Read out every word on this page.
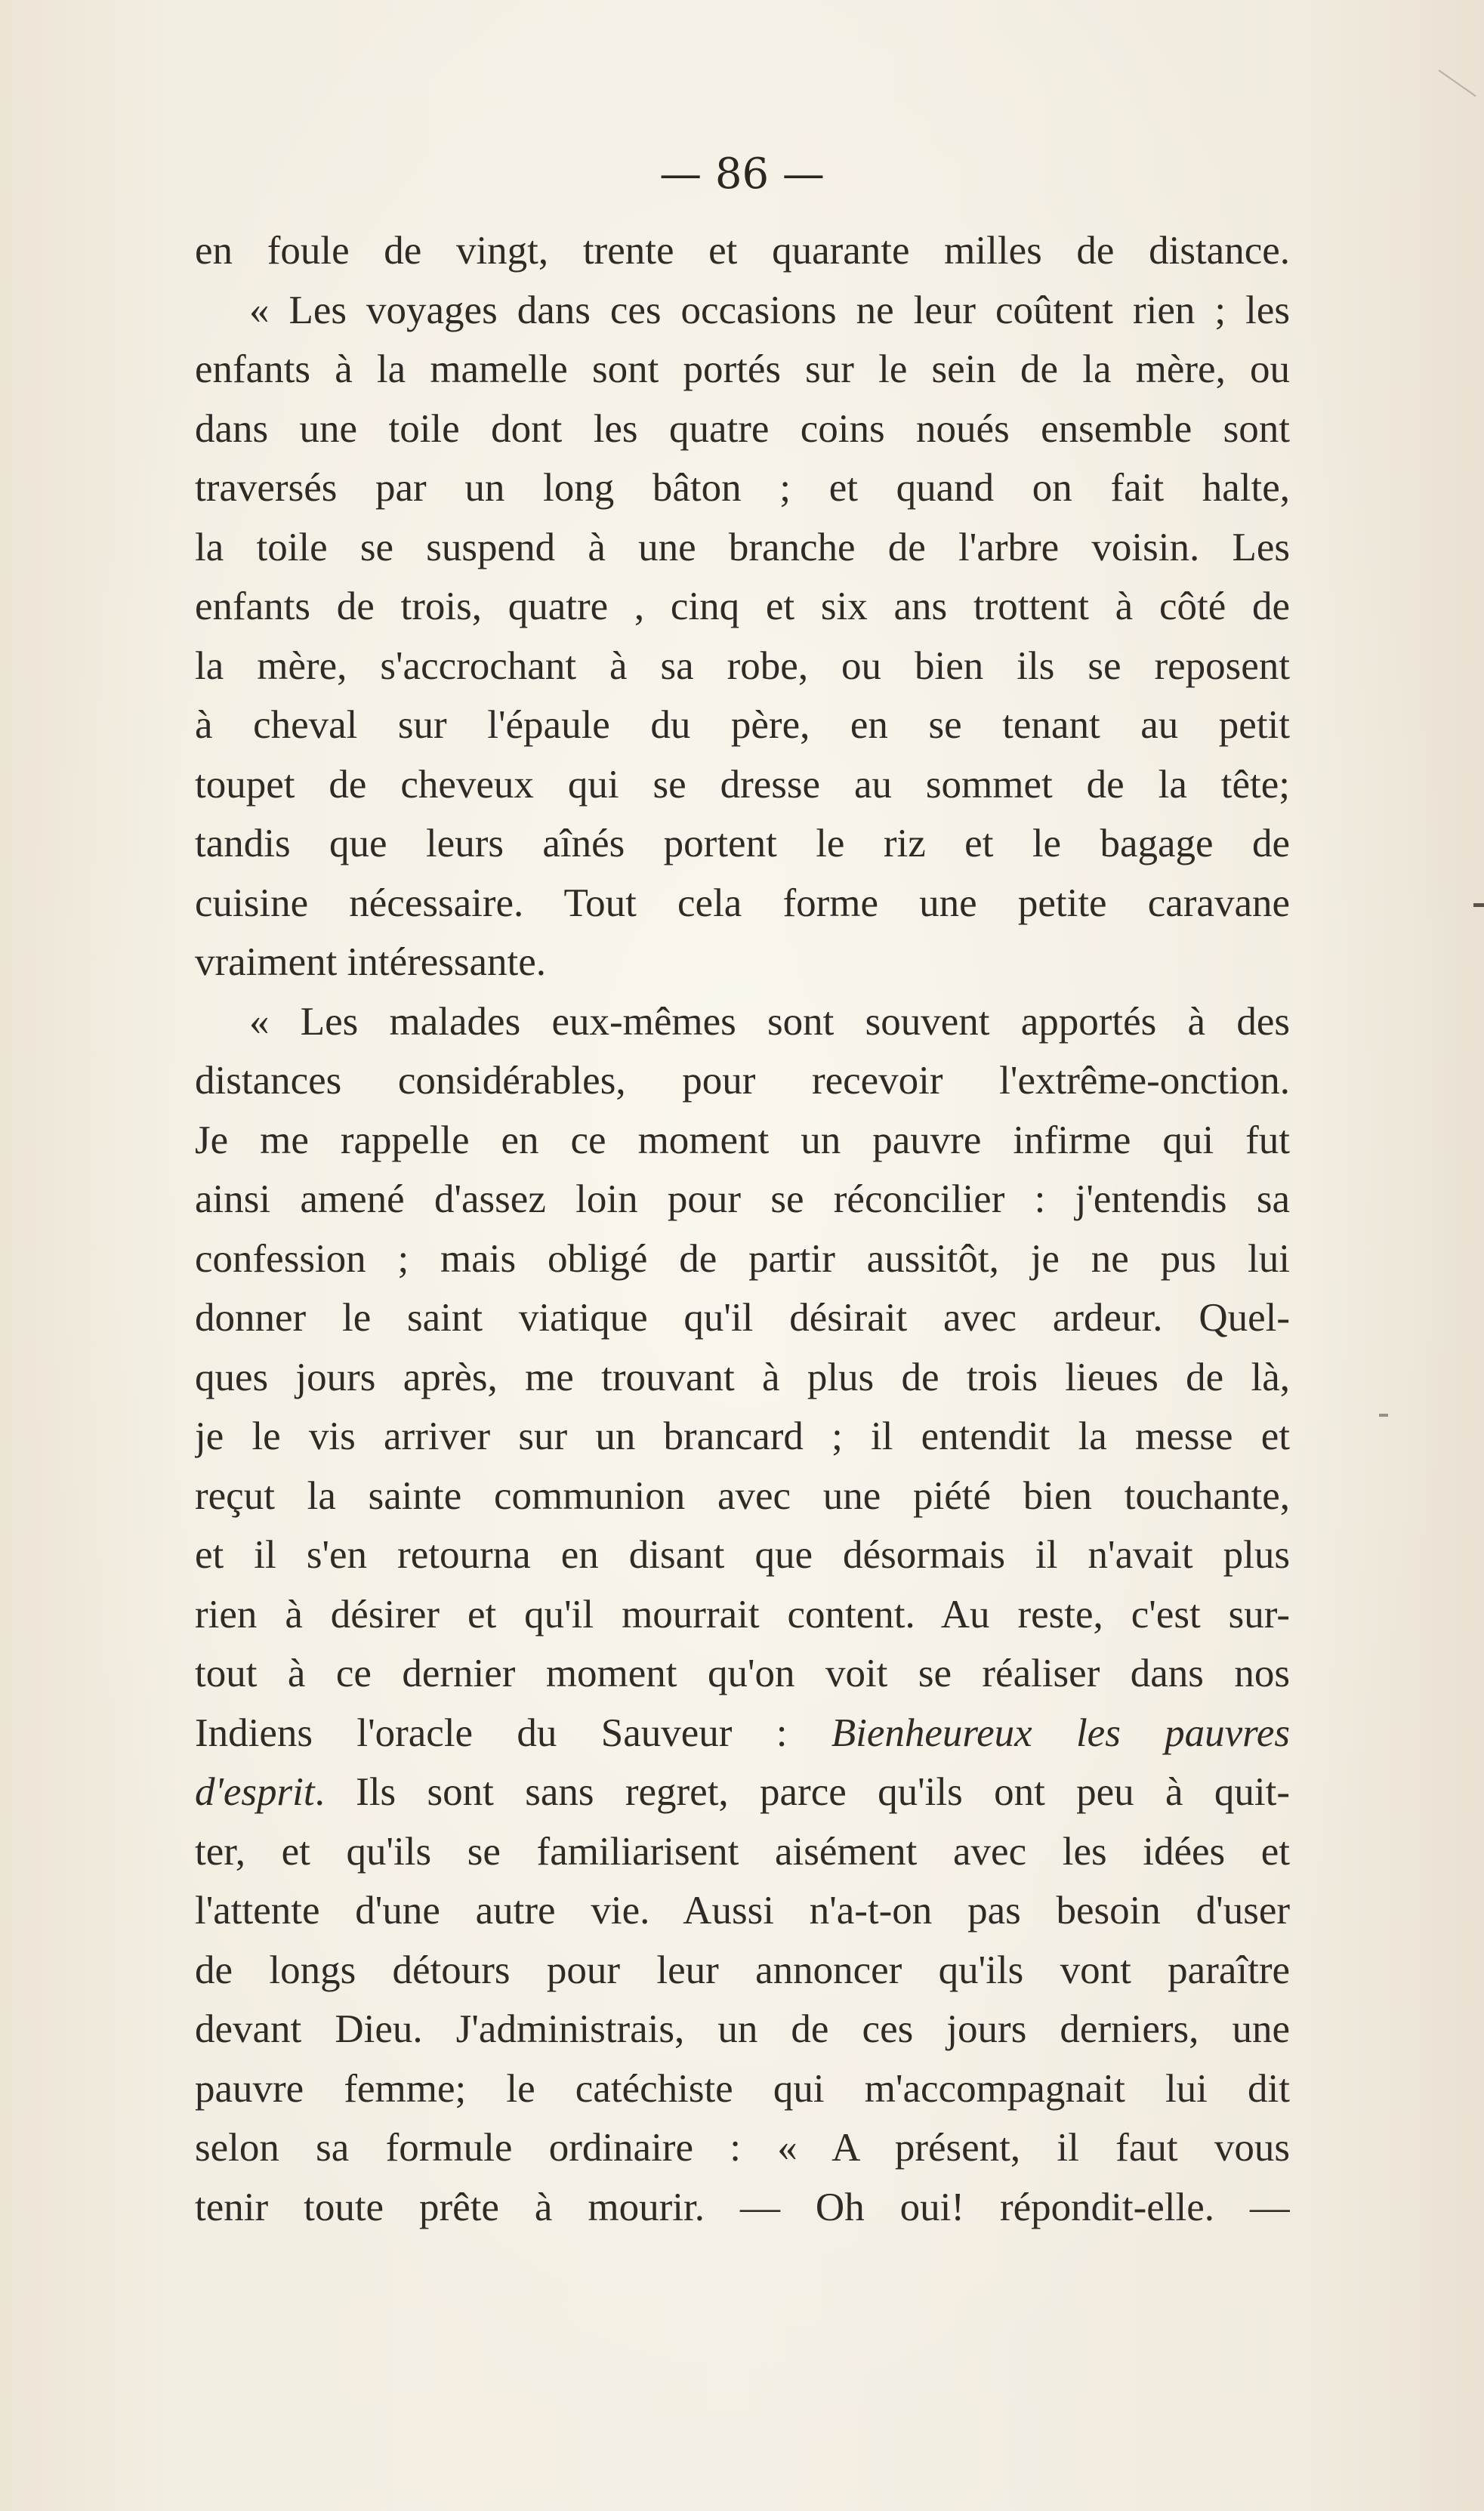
— 86 —
en foule de vingt, trente et quarante milles de distance.
« Les voyages dans ces occasions ne leur coûtent rien ; les
enfants à la mamelle sont portés sur le sein de la mère, ou
dans une toile dont les quatre coins noués ensemble sont
traversés par un long bâton ; et quand on fait halte,
la toile se suspend à une branche de l'arbre voisin. Les
enfants de trois, quatre , cinq et six ans trottent à côté de
la mère, s'accrochant à sa robe, ou bien ils se reposent
à cheval sur l'épaule du père, en se tenant au petit
toupet de cheveux qui se dresse au sommet de la tête;
tandis que leurs aînés portent le riz et le bagage de
cuisine nécessaire. Tout cela forme une petite caravane
vraiment intéressante.
« Les malades eux-mêmes sont souvent apportés à des
distances considérables, pour recevoir l'extrême-onction.
Je me rappelle en ce moment un pauvre infirme qui fut
ainsi amené d'assez loin pour se réconcilier : j'entendis sa
confession ; mais obligé de partir aussitôt, je ne pus lui
donner le saint viatique qu'il désirait avec ardeur. Quel-
ques jours après, me trouvant à plus de trois lieues de là,
je le vis arriver sur un brancard ; il entendit la messe et
reçut la sainte communion avec une piété bien touchante,
et il s'en retourna en disant que désormais il n'avait plus
rien à désirer et qu'il mourrait content. Au reste, c'est sur-
tout à ce dernier moment qu'on voit se réaliser dans nos
Indiens l'oracle du Sauveur : Bienheureux les pauvres
d'esprit. Ils sont sans regret, parce qu'ils ont peu à quit-
ter, et qu'ils se familiarisent aisément avec les idées et
l'attente d'une autre vie. Aussi n'a-t-on pas besoin d'user
de longs détours pour leur annoncer qu'ils vont paraître
devant Dieu. J'administrais, un de ces jours derniers, une
pauvre femme; le catéchiste qui m'accompagnait lui dit
selon sa formule ordinaire : « A présent, il faut vous
tenir toute prête à mourir. — Oh oui! répondit-elle. —
